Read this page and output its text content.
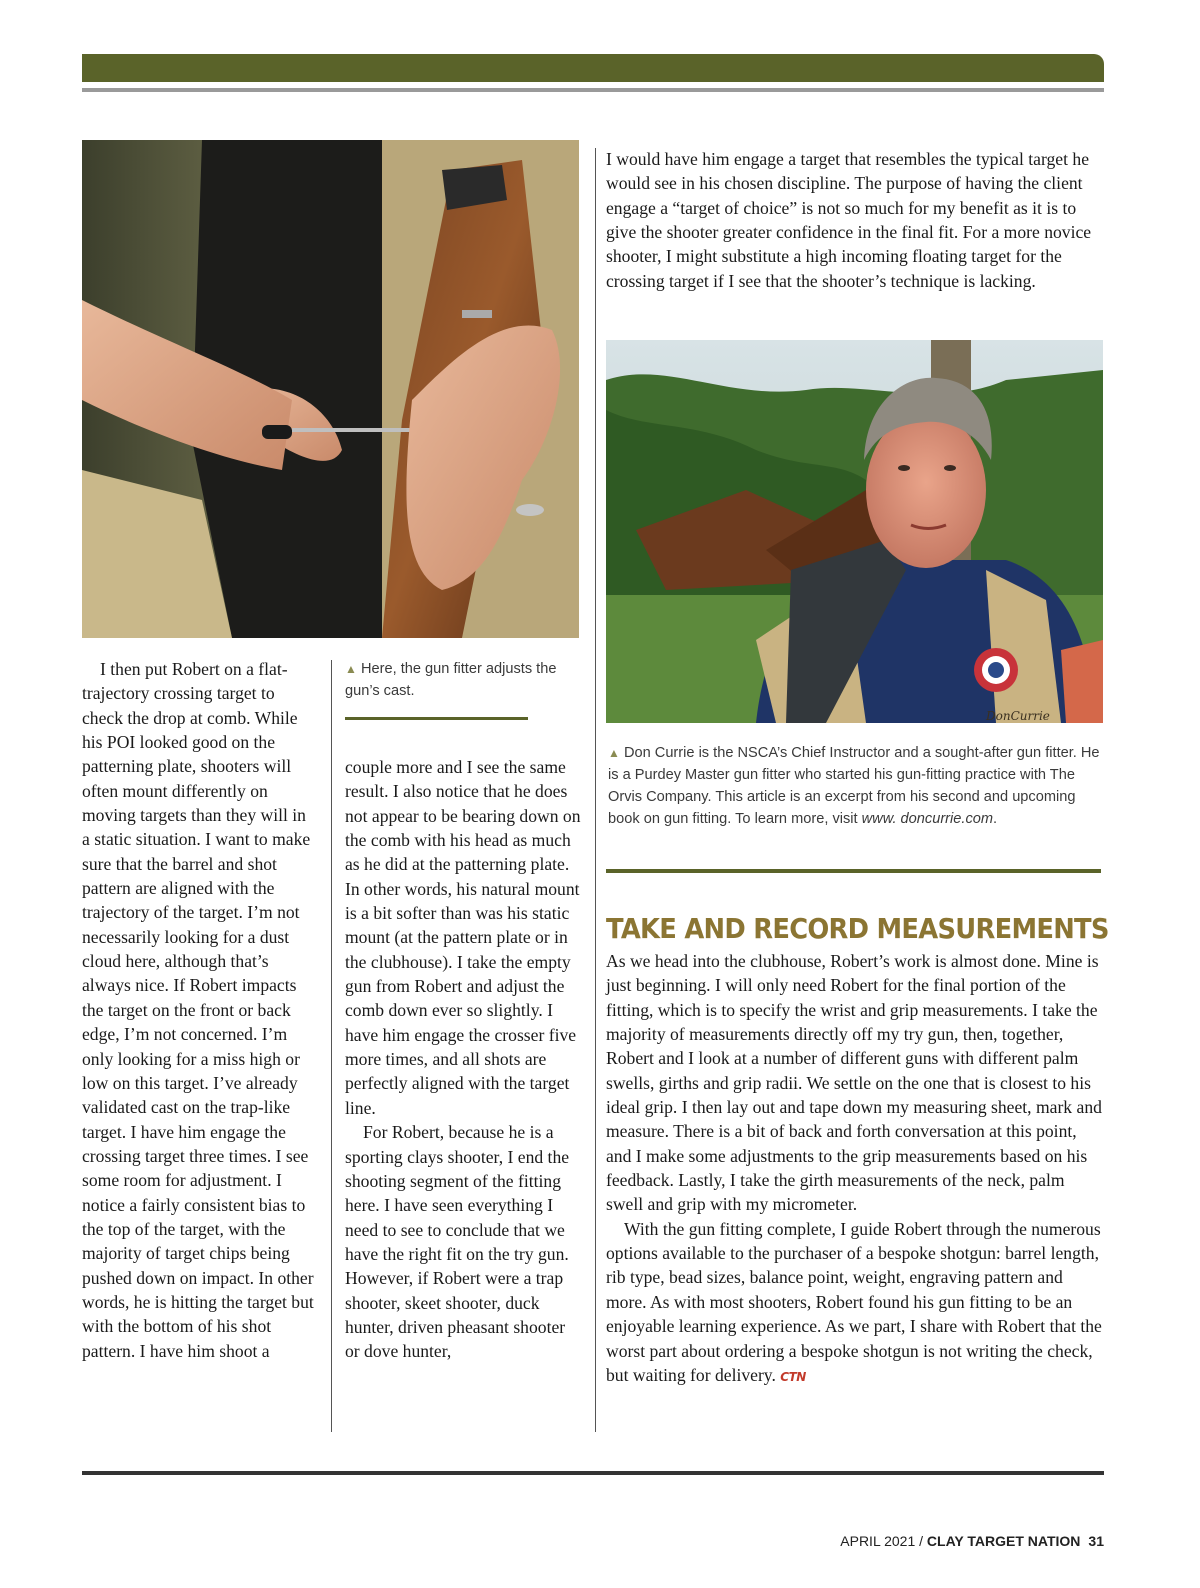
DonCurrie

I then put Robert on a flat-trajectory crossing target to check the drop at comb. While his POI looked good on the patterning plate, shooters will often mount differently on moving targets than they will in a static situation. I want to make sure that the barrel and shot pattern are aligned with the trajectory of the target. I’m not necessarily looking for a dust cloud here, although that’s always nice. If Robert impacts the target on the front or back edge, I’m not concerned. I’m only looking for a miss high or low on this target. I’ve already validated cast on the trap-like target. I have him engage the crossing target three times. I see some room for adjustment. I notice a fairly consistent bias to the top of the target, with the majority of target chips being pushed down on impact. In other words, he is hitting the target but with the bottom of his shot pattern. I have him shoot a

▲ Here, the gun fitter adjusts the gun’s cast.

couple more and I see the same result. I also notice that he does not appear to be bearing down on the comb with his head as much as he did at the patterning plate. In other words, his natural mount is a bit softer than was his static mount (at the pattern plate or in the clubhouse). I take the empty gun from Robert and adjust the comb down ever so slightly. I have him engage the crosser five more times, and all shots are perfectly aligned with the target line.

For Robert, because he is a sporting clays shooter, I end the shooting segment of the fitting here. I have seen everything I need to see to conclude that we have the right fit on the try gun. However, if Robert were a trap shooter, skeet shooter, duck hunter, driven pheasant shooter or dove hunter,

I would have him engage a target that resembles the typical target he would see in his chosen discipline. The purpose of having the client engage a “target of choice” is not so much for my benefit as it is to give the shooter greater confidence in the final fit. For a more novice shooter, I might substitute a high incoming floating target for the crossing target if I see that the shooter’s technique is lacking.

▲ Don Currie is the NSCA’s Chief Instructor and a sought-after gun fitter. He is a Purdey Master gun fitter who started his gun-fitting practice with The Orvis Company. This article is an excerpt from his second and upcoming book on gun fitting. To learn more, visit www. doncurrie.com.
TAKE AND RECORD MEASUREMENTS

As we head into the clubhouse, Robert’s work is almost done. Mine is just beginning. I will only need Robert for the final portion of the fitting, which is to specify the wrist and grip measurements. I take the majority of measurements directly off my try gun, then, together, Robert and I look at a number of different guns with different palm swells, girths and grip radii. We settle on the one that is closest to his ideal grip. I then lay out and tape down my measuring sheet, mark and measure. There is a bit of back and forth conversation at this point, and I make some adjustments to the grip measurements based on his feedback. Lastly, I take the girth measurements of the neck, palm swell and grip with my micrometer.

With the gun fitting complete, I guide Robert through the numerous options available to the purchaser of a bespoke shotgun: barrel length, rib type, bead sizes, balance point, weight, engraving pattern and more. As with most shooters, Robert found his gun fitting to be an enjoyable learning experience. As we part, I share with Robert that the worst part about ordering a bespoke shotgun is not writing the check, but waiting for delivery. CTN

APRIL 2021 / CLAY TARGET NATION 31
